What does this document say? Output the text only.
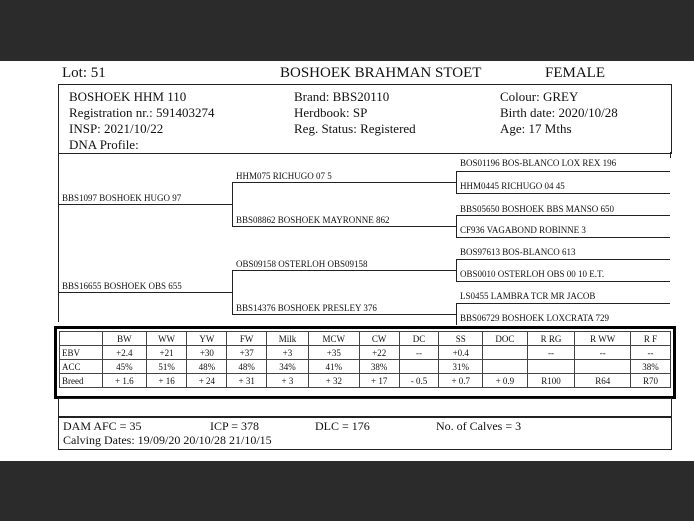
Lot: 51	BOSHOEK BRAHMAN STOET	FEMALE
BOSHOEK HHM 110
Registration nr.: 591403274
INSP: 2021/10/22
DNA Profile:
Brand: BBS20110
Herdbook: SP
Reg. Status: Registered
Colour: GREY
Birth date: 2020/10/28
Age: 17 Mths
BBS1097 BOSHOEK HUGO 97
BBS16655 BOSHOEK OBS 655
HHM075 RICHUGO 07 5
BBS08862 BOSHOEK MAYRONNE 862
OBS09158 OSTERLOH OBS09158
BBS14376 BOSHOEK PRESLEY 376
BOS01196 BOS-BLANCO LOX REX 196
HHM0445 RICHUGO 04 45
BBS05650 BOSHOEK BBS MANSO 650
CF936 VAGABOND ROBINNE 3
BOS97613 BOS-BLANCO 613
OBS0010 OSTERLOH OBS 00 10 E.T.
LS0455 LAMBRA TCR MR JACOB
BBS06729 BOSHOEK LOXCRATA 729
	BW	WW	YW	FW	Milk	MCW	CW	DC	SS	DOC	R RG	R WW	R F
EBV	+2.4	+21	+30	+37	+3	+35	+22	--	+0.4		--	--	--
ACC	45%	51%	48%	48%	34%	41%	38%		31%				38%
Breed	+ 1.6	+ 16	+ 24	+ 31	+ 3	+ 32	+ 17	- 0.5	+ 0.7	+ 0.9	R100	R64	R70
DAM AFC = 35	ICP = 378	DLC = 176	No. of Calves = 3
Calving Dates: 19/09/20 20/10/28 21/10/15
